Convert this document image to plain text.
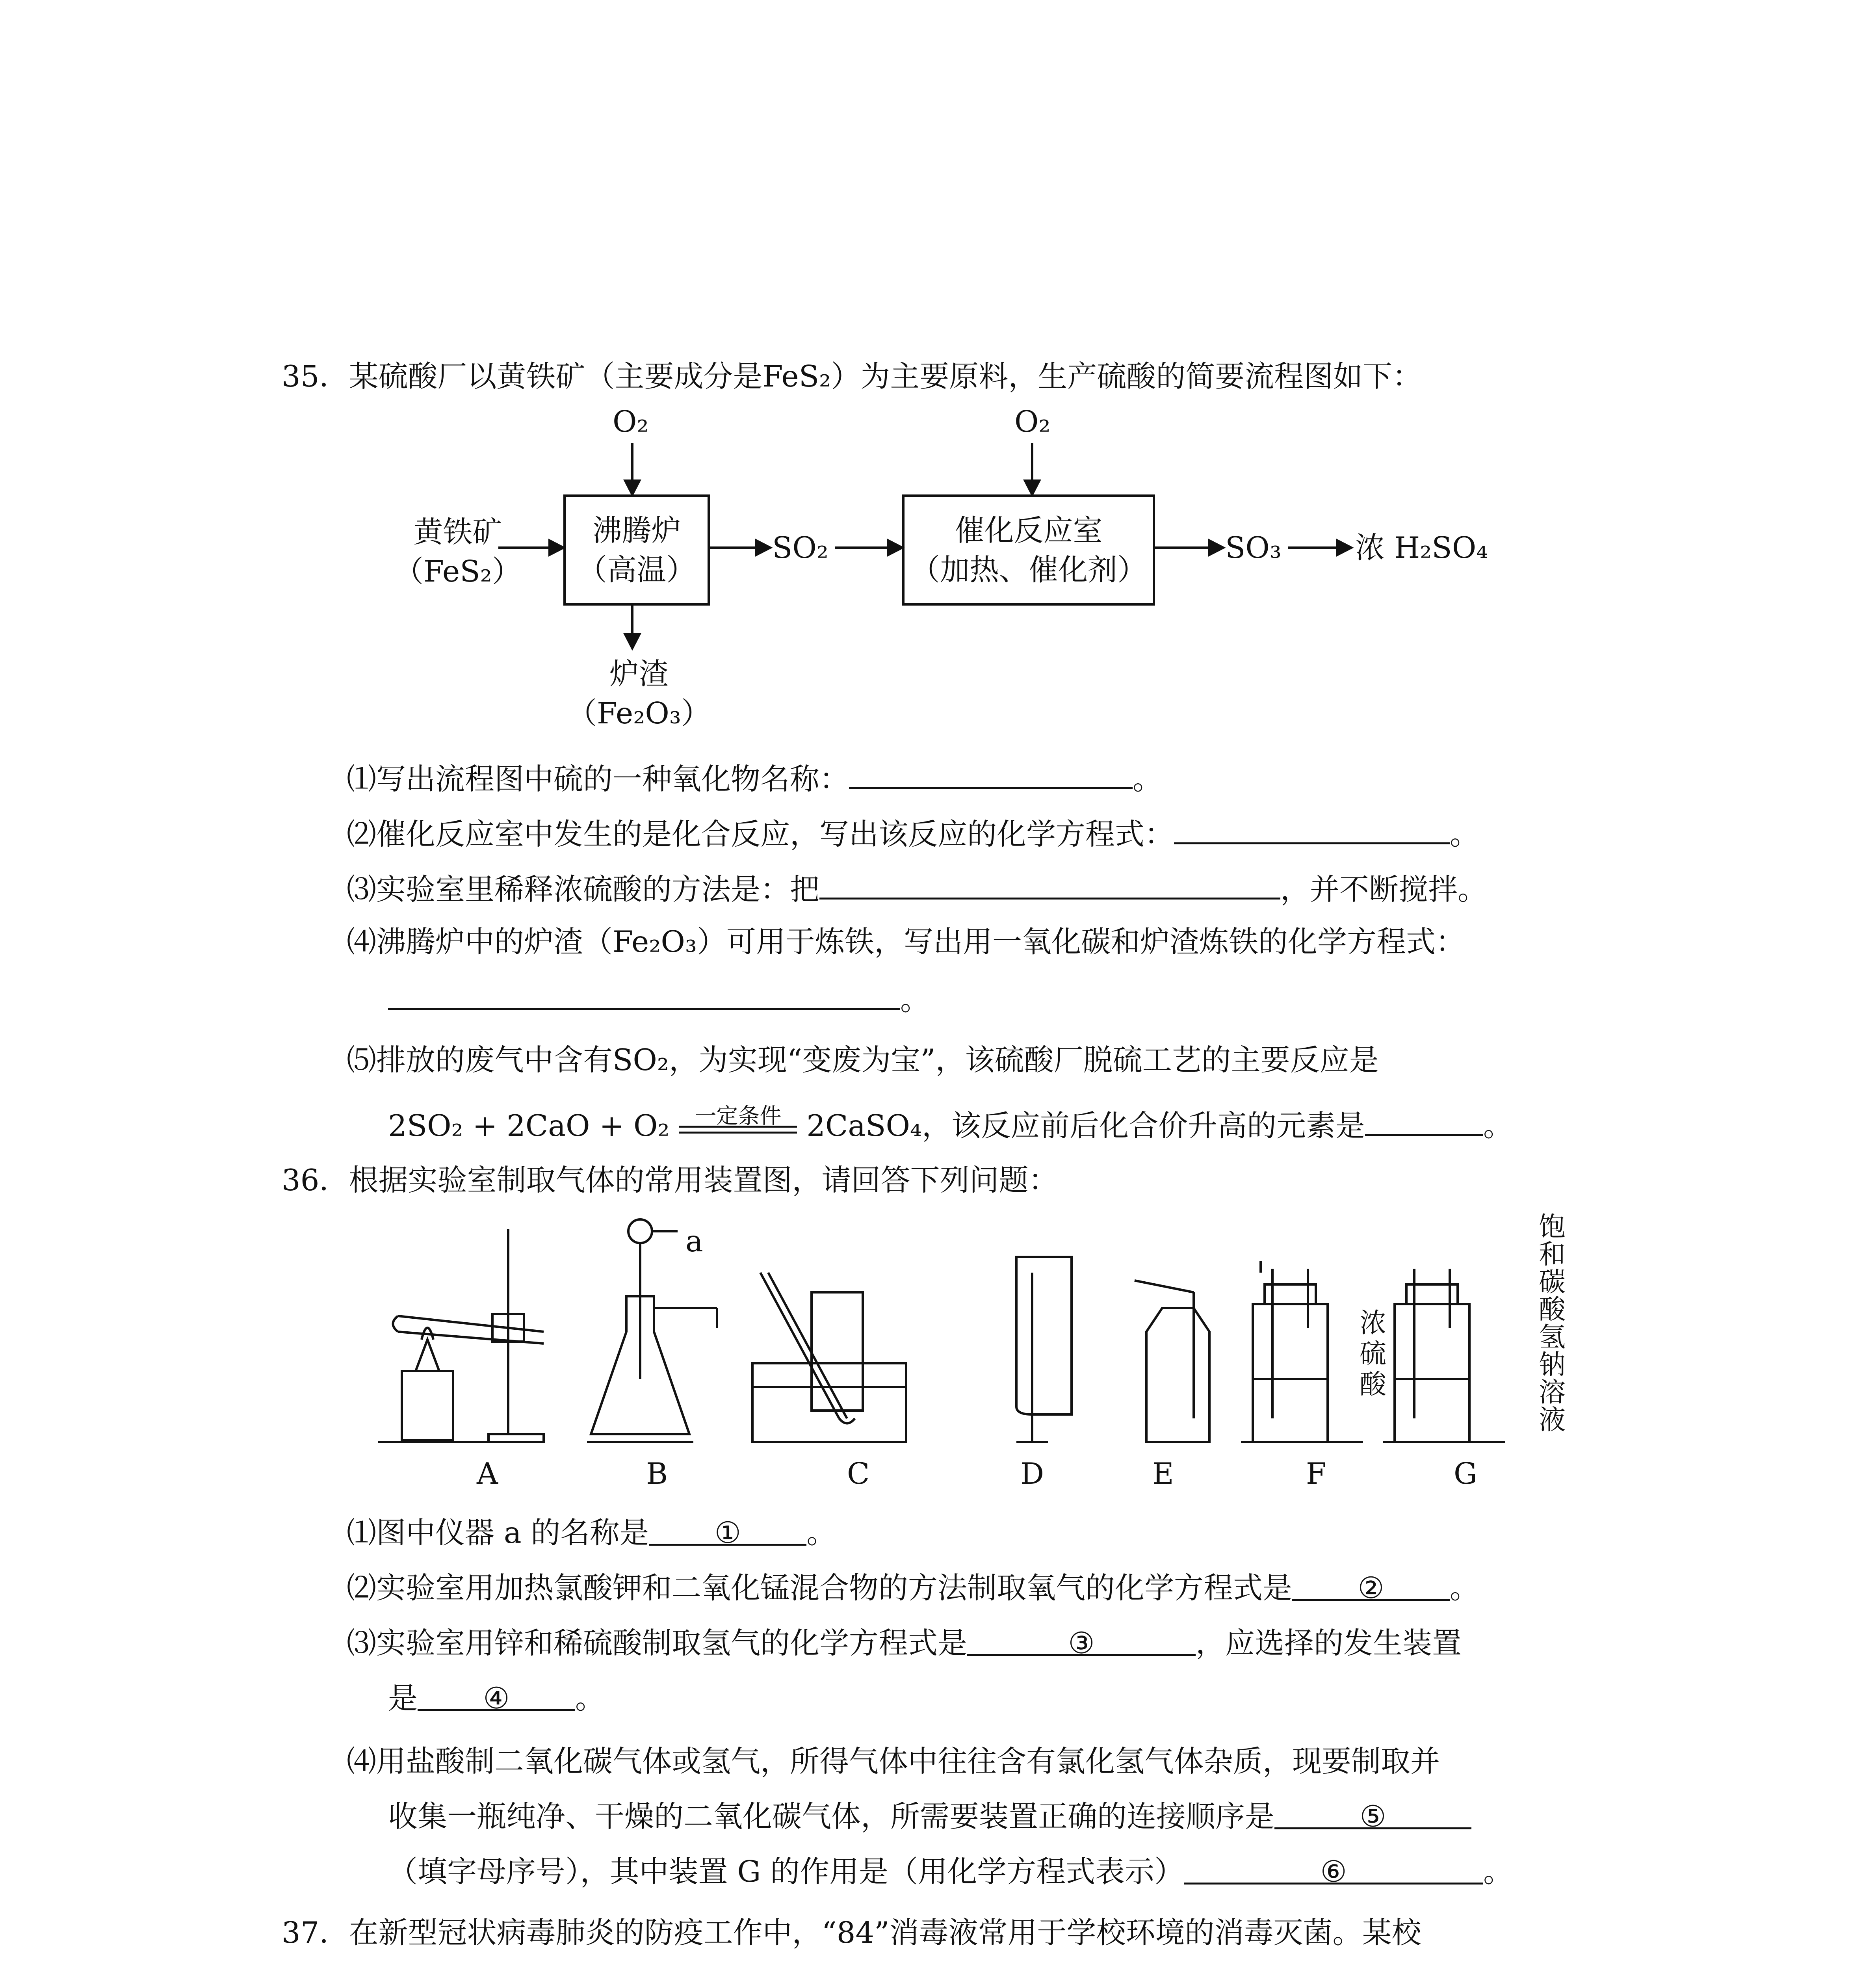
35．某硫酸厂以黄铁矿（主要成分是FeS₂）为主要原料，生产硫酸的简要流程图如下：
O₂	O₂
黄铁矿
（FeS₂）
沸腾炉
（高温）
SO₂	催化反应室
（加热、催化剂）
SO₃ 浓 H₂SO₄
炉渣
（Fe₂O₃）
⑴写出流程图中硫的一种氧化物名称：	。
⑵催化反应室中发生的是化合反应，写出该反应的化学方程式：	。
⑶实验室里稀释浓硫酸的方法是：把	，并不断搅拌。
⑷沸腾炉中的炉渣（Fe₂O₃）可用于炼铁，写出用一氧化碳和炉渣炼铁的化学方程式：
。
⑸排放的废气中含有SO₂，为实现“变废为宝”，该硫酸厂脱硫工艺的主要反应是
2SO₂ + 2CaO + O₂	一定条件 2CaSO₄，该反应前后化合价升高的元素是	。
36．根据实验室制取气体的常用装置图，请回答下列问题：
a
浓硫酸
饱和碳酸氢钠溶液
A	B	C	D	E	F	G
⑴图中仪器 a 的名称是 ① 。
⑵实验室用加热氯酸钾和二氧化锰混合物的方法制取氧气的化学方程式是 ② 。
⑶实验室用锌和稀硫酸制取氢气的化学方程式是	③	，应选择的发生装置
是 ④ 。
⑷用盐酸制二氧化碳气体或氢气，所得气体中往往含有氯化氢气体杂质，现要制取并
收集一瓶纯净、干燥的二氧化碳气体，所需要装置正确的连接顺序是	⑤
（填字母序号），其中装置 G 的作用是（用化学方程式表示）	⑥	。
37．在新型冠状病毒肺炎的防疫工作中，“84”消毒液常用于学校环境的消毒灭菌。某校
